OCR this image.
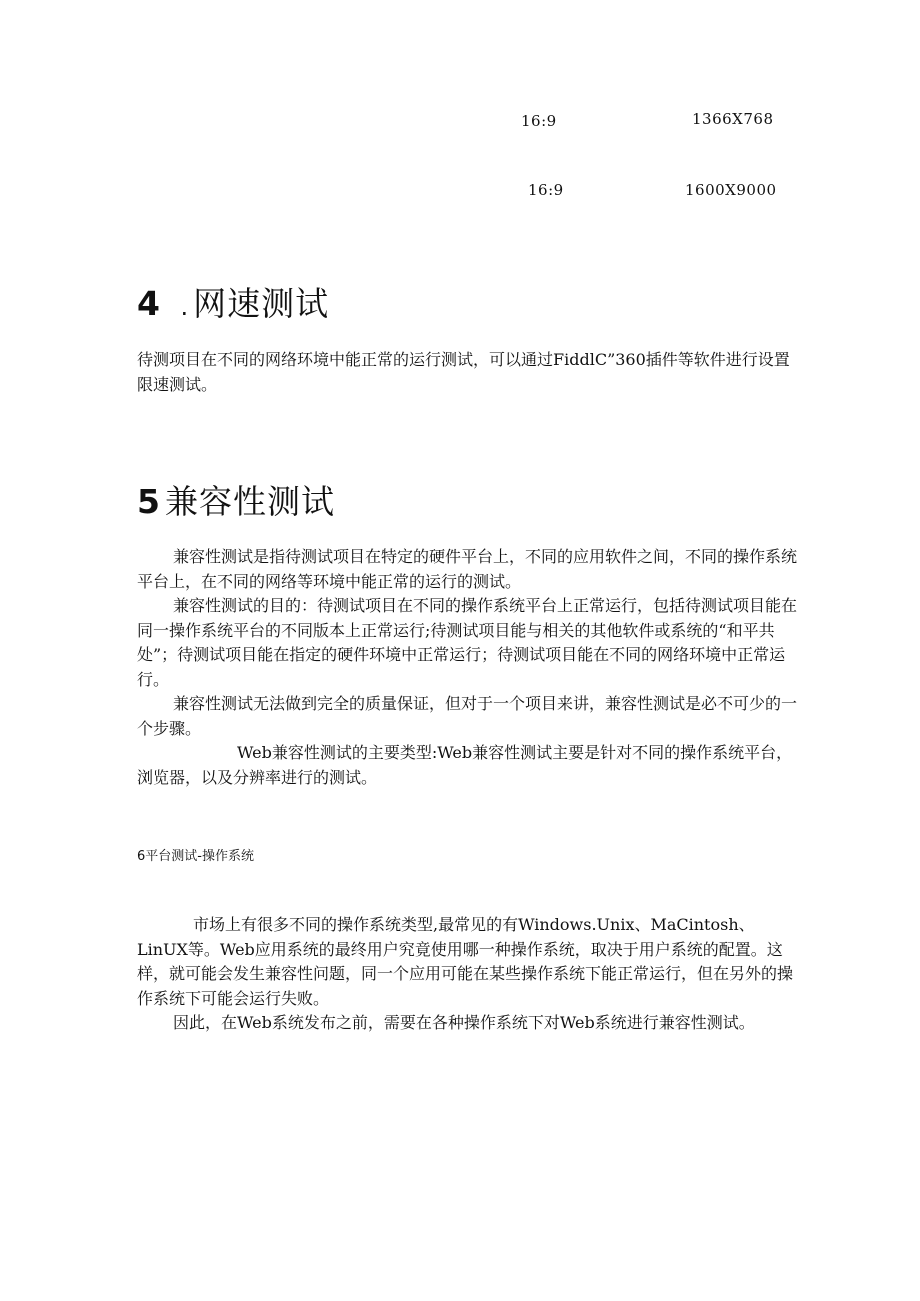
16:9	1366X768
16:9	1600X9000
4 . 网速测试

待测项目在不同的网络环境中能正常的运行测试，可以通过FiddlC”360插件等软件进行设置限速测试。

5 兼容性测试

兼容性测试是指待测试项目在特定的硬件平台上，不同的应用软件之间，不同的操作系统平台上，在不同的网络等环境中能正常的运行的测试。

兼容性测试的目的：待测试项目在不同的操作系统平台上正常运行，包括待测试项目能在同一操作系统平台的不同版本上正常运行;待测试项目能与相关的其他软件或系统的“和平共处”；待测试项目能在指定的硬件环境中正常运行；待测试项目能在不同的网络环境中正常运行。

兼容性测试无法做到完全的质量保证，但对于一个项目来讲，兼容性测试是必不可少的一个步骤。

Web兼容性测试的主要类型:Web兼容性测试主要是针对不同的操作系统平台，浏览器，以及分辨率进行的测试。

6平台测试-操作系统

市场上有很多不同的操作系统类型,最常见的有Windows.Unix、MaCintosh、LinUX等。Web应用系统的最终用户究竟使用哪一种操作系统，取决于用户系统的配置。这样，就可能会发生兼容性问题，同一个应用可能在某些操作系统下能正常运行，但在另外的操作系统下可能会运行失败。

因此，在Web系统发布之前，需要在各种操作系统下对Web系统进行兼容性测试。
